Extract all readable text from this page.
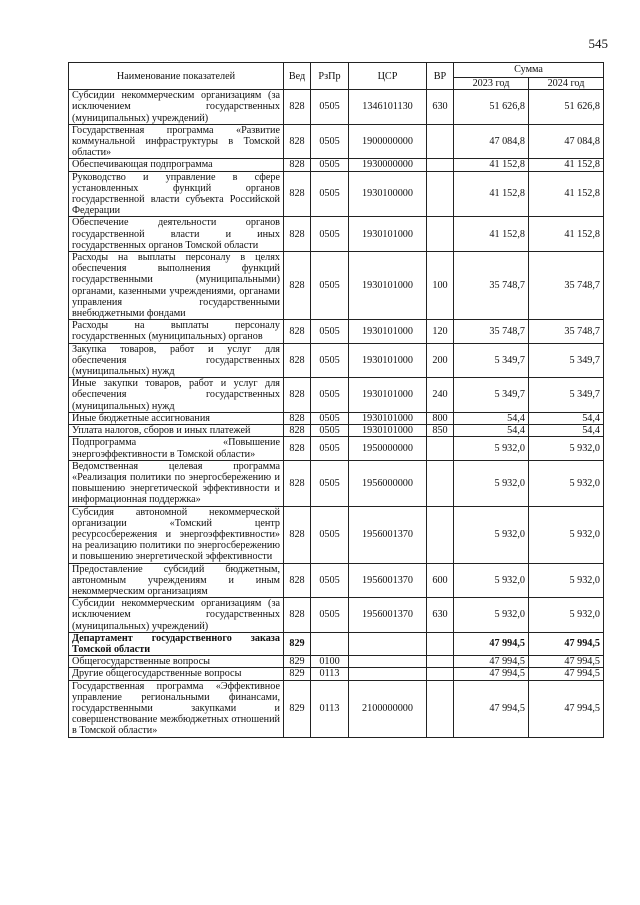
545
Наименование показателей	Вед	РзПр	ЦСР	ВР	Сумма	
					2023 год	2024 год
Субсидии некоммерческим организациям (за исключением государственных (муниципальных) учреждений)	828	0505	1346101130	630	51 626,8	51 626,8
Государственная программа «Развитие коммунальной инфраструктуры в Томской области»	828	0505	1900000000		47 084,8	47 084,8
Обеспечивающая подпрограмма	828	0505	1930000000		41 152,8	41 152,8
Руководство и управление в сфере установленных функций органов государственной власти субъекта Российской Федерации	828	0505	1930100000		41 152,8	41 152,8
Обеспечение деятельности органов государственной власти и иных государственных органов Томской области	828	0505	1930101000		41 152,8	41 152,8
Расходы на выплаты персоналу в целях обеспечения выполнения функций государственными (муниципальными) органами, казенными учреждениями, органами управления государственными внебюджетными фондами	828	0505	1930101000	100	35 748,7	35 748,7
Расходы на выплаты персоналу государственных (муниципальных) органов	828	0505	1930101000	120	35 748,7	35 748,7
Закупка товаров, работ и услуг для обеспечения государственных (муниципальных) нужд	828	0505	1930101000	200	5 349,7	5 349,7
Иные закупки товаров, работ и услуг для обеспечения государственных (муниципальных) нужд	828	0505	1930101000	240	5 349,7	5 349,7
Иные бюджетные ассигнования	828	0505	1930101000	800	54,4	54,4
Уплата налогов, сборов и иных платежей	828	0505	1930101000	850	54,4	54,4
Подпрограмма «Повышение энергоэффективности в Томской области»	828	0505	1950000000		5 932,0	5 932,0
Ведомственная целевая программа «Реализация политики по энергосбережению и повышению энергетической эффективности и информационная поддержка»	828	0505	1956000000		5 932,0	5 932,0
Субсидия автономной некоммерческой организации «Томский центр ресурсосбережения и энергоэффективности» на реализацию политики по энергосбережению и повышению энергетической эффективности	828	0505	1956001370		5 932,0	5 932,0
Предоставление субсидий бюджетным, автономным учреждениям и иным некоммерческим организациям	828	0505	1956001370	600	5 932,0	5 932,0
Субсидии некоммерческим организациям (за исключением государственных (муниципальных) учреждений)	828	0505	1956001370	630	5 932,0	5 932,0
Департамент государственного заказа Томской области	829				47 994,5	47 994,5
Общегосударственные вопросы	829	0100			47 994,5	47 994,5
Другие общегосударственные вопросы	829	0113			47 994,5	47 994,5
Государственная программа «Эффективное управление региональными финансами, государственными закупками и совершенствование межбюджетных отношений в Томской области»	829	0113	2100000000		47 994,5	47 994,5
